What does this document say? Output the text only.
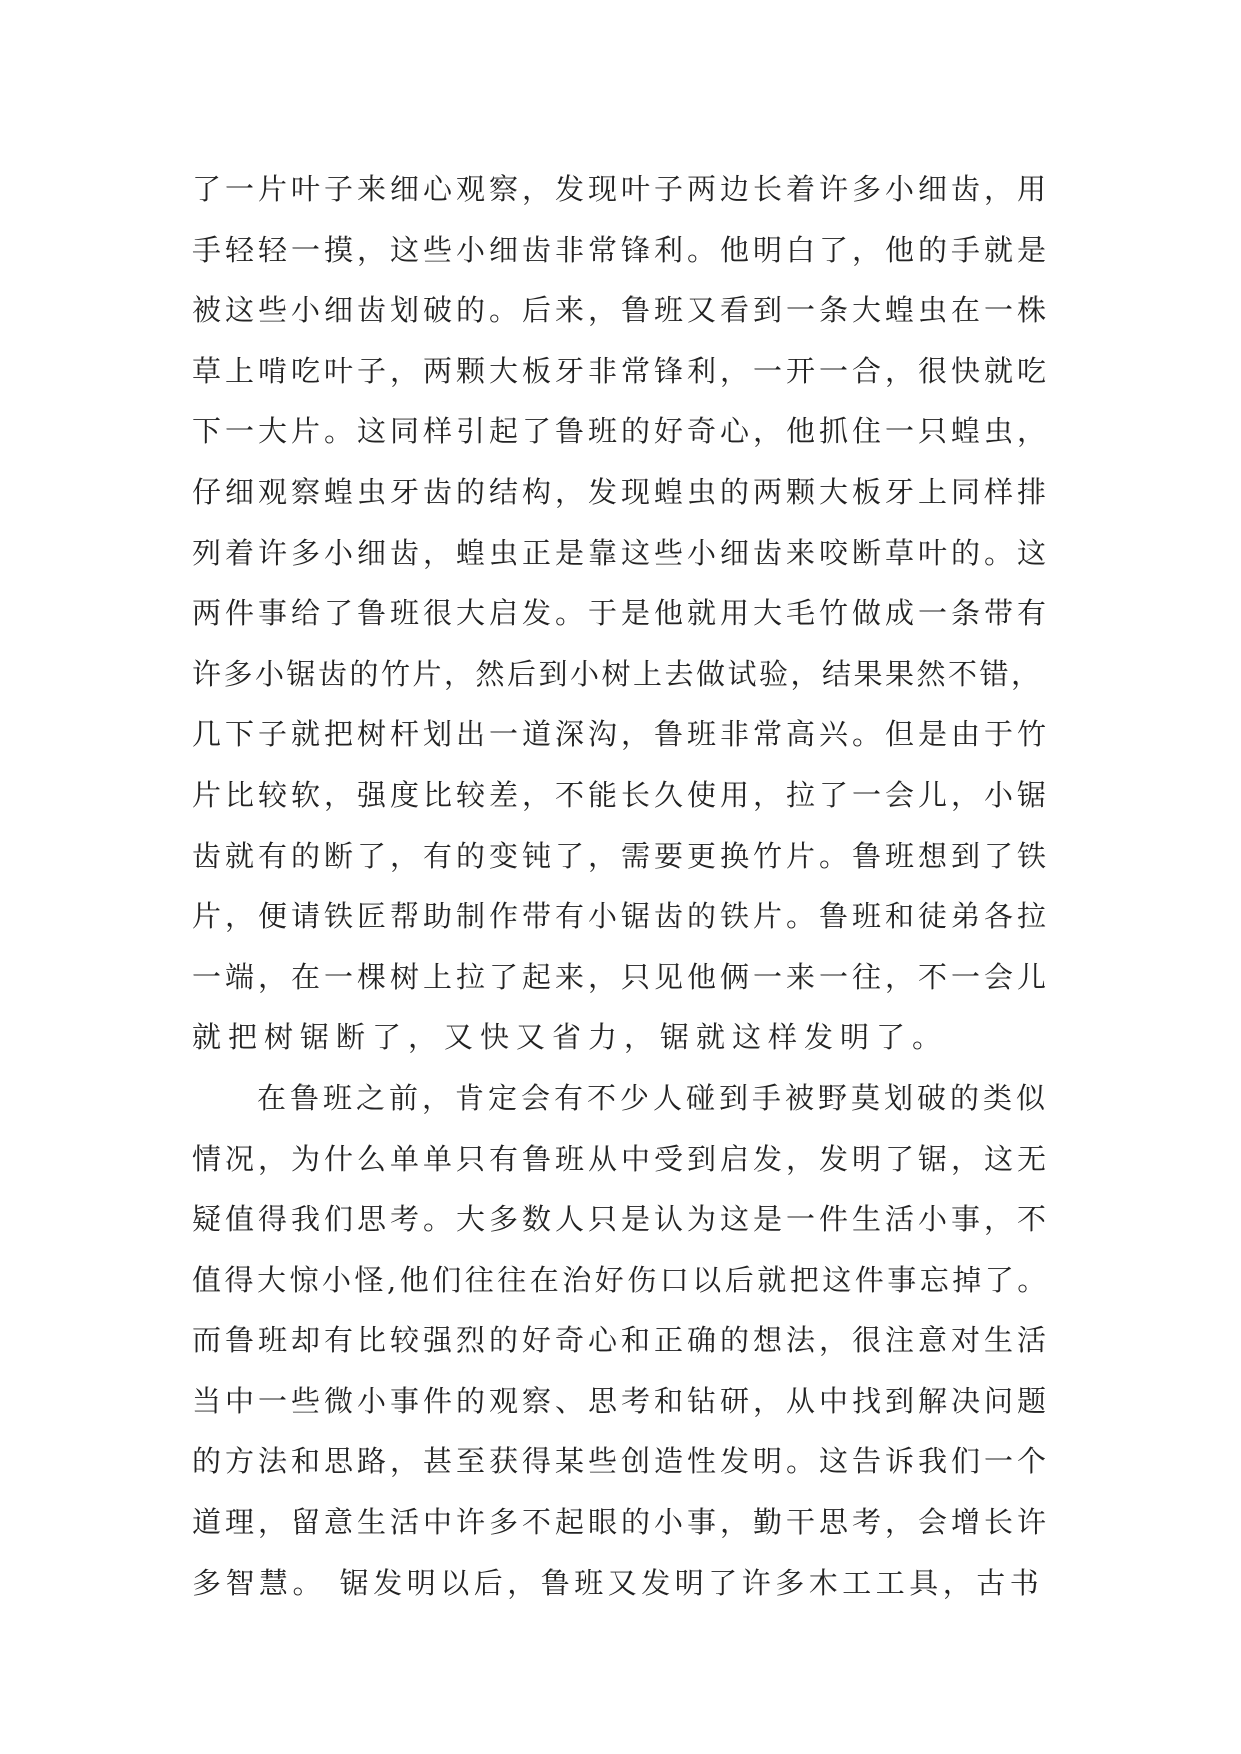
了一片叶子来细心观察，发现叶子两边长着许多小细齿，用
手轻轻一摸，这些小细齿非常锋利。他明白了，他的手就是
被这些小细齿划破的。后来，鲁班又看到一条大蝗虫在一株
草上啃吃叶子，两颗大板牙非常锋利，一开一合，很快就吃
下一大片。这同样引起了鲁班的好奇心，他抓住一只蝗虫，
仔细观察蝗虫牙齿的结构，发现蝗虫的两颗大板牙上同样排
列着许多小细齿，蝗虫正是靠这些小细齿来咬断草叶的。这
两件事给了鲁班很大启发。于是他就用大毛竹做成一条带有
许多小锯齿的竹片，然后到小树上去做试验，结果果然不错，
几下子就把树杆划出一道深沟，鲁班非常高兴。但是由于竹
片比较软，强度比较差，不能长久使用，拉了一会儿，小锯
齿就有的断了，有的变钝了，需要更换竹片。鲁班想到了铁
片，便请铁匠帮助制作带有小锯齿的铁片。鲁班和徒弟各拉
一端，在一棵树上拉了起来，只见他俩一来一往，不一会儿
就把树锯断了，又快又省力，锯就这样发明了。
在鲁班之前，肯定会有不少人碰到手被野莫划破的类似
情况，为什么单单只有鲁班从中受到启发，发明了锯，这无
疑值得我们思考。大多数人只是认为这是一件生活小事，不
值得大惊小怪,他们往往在治好伤口以后就把这件事忘掉了。
而鲁班却有比较强烈的好奇心和正确的想法，很注意对生活
当中一些微小事件的观察、思考和钻研，从中找到解决问题
的方法和思路，甚至获得某些创造性发明。这告诉我们一个
道理，留意生活中许多不起眼的小事，勤干思考，会增长许
多智慧。 锯发明以后，鲁班又发明了许多木工工具，古书
